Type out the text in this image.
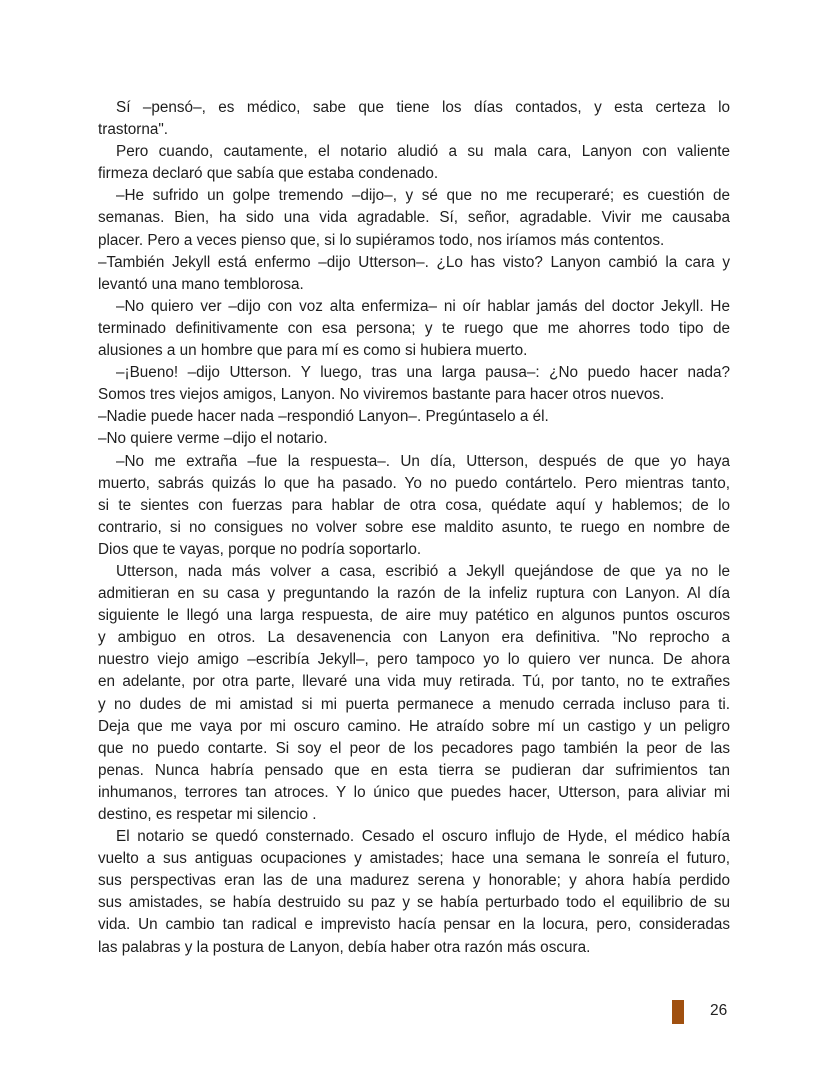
Sí –pensó–, es médico, sabe que tiene los días contados, y esta certeza lo
trastorna".
Pero cuando, cautamente, el notario aludió a su mala cara, Lanyon con valiente
firmeza declaró que sabía que estaba condenado.
–He sufrido un golpe tremendo –dijo–, y sé que no me recuperaré; es cuestión de
semanas. Bien, ha sido una vida agradable. Sí, señor, agradable. Vivir me causaba
placer. Pero a veces pienso que, si lo supiéramos todo, nos iríamos más contentos.
–También Jekyll está enfermo –dijo Utterson–. ¿Lo has visto? Lanyon cambió la cara y
levantó una mano temblorosa.
–No quiero ver –dijo con voz alta enfermiza– ni oír hablar jamás del doctor Jekyll. He
terminado definitivamente con esa persona; y te ruego que me ahorres todo tipo de
alusiones a un hombre que para mí es como si hubiera muerto.
–¡Bueno! –dijo Utterson. Y luego, tras una larga pausa–: ¿No puedo hacer nada?
Somos tres viejos amigos, Lanyon. No viviremos bastante para hacer otros nuevos.
–Nadie puede hacer nada –respondió Lanyon–. Pregúntaselo a él.
–No quiere verme –dijo el notario.
–No me extraña –fue la respuesta–. Un día, Utterson, después de que yo haya
muerto, sabrás quizás lo que ha pasado. Yo no puedo contártelo. Pero mientras tanto,
si te sientes con fuerzas para hablar de otra cosa, quédate aquí y hablemos; de lo
contrario, si no consigues no volver sobre ese maldito asunto, te ruego en nombre de
Dios que te vayas, porque no podría soportarlo.
Utterson, nada más volver a casa, escribió a Jekyll quejándose de que ya no le
admitieran en su casa y preguntando la razón de la infeliz ruptura con Lanyon. Al día
siguiente le llegó una larga respuesta, de aire muy patético en algunos puntos oscuros
y ambiguo en otros. La desavenencia con Lanyon era definitiva. "No reprocho a
nuestro viejo amigo –escribía Jekyll–, pero tampoco yo lo quiero ver nunca. De ahora
en adelante, por otra parte, llevaré una vida muy retirada. Tú, por tanto, no te extrañes
y no dudes de mi amistad si mi puerta permanece a menudo cerrada incluso para ti.
Deja que me vaya por mi oscuro camino. He atraído sobre mí un castigo y un peligro
que no puedo contarte. Si soy el peor de los pecadores pago también la peor de las
penas. Nunca habría pensado que en esta tierra se pudieran dar sufrimientos tan
inhumanos, terrores tan atroces. Y lo único que puedes hacer, Utterson, para aliviar mi
destino, es respetar mi silencio .
El notario se quedó consternado. Cesado el oscuro influjo de Hyde, el médico había
vuelto a sus antiguas ocupaciones y amistades; hace una semana le sonreía el futuro,
sus perspectivas eran las de una madurez serena y honorable; y ahora había perdido
sus amistades, se había destruido su paz y se había perturbado todo el equilibrio de su
vida. Un cambio tan radical e imprevisto hacía pensar en la locura, pero, consideradas
las palabras y la postura de Lanyon, debía haber otra razón más oscura.
26
